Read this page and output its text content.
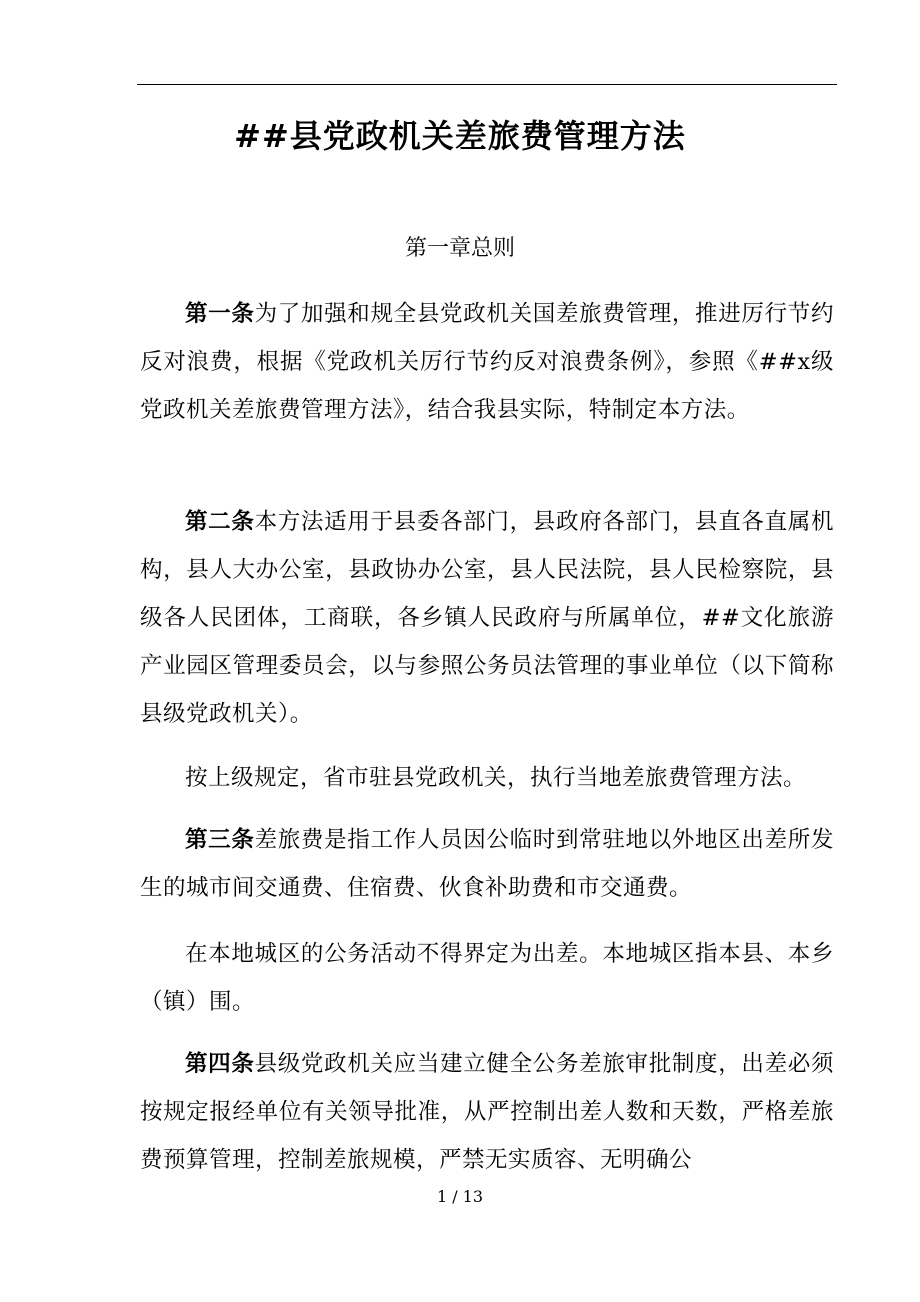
##县党政机关差旅费管理方法
第一章总则

第一条为了加强和规全县党政机关国差旅费管理，推进厉行节约反对浪费，根据《党政机关厉行节约反对浪费条例》，参照《##x级党政机关差旅费管理方法》，结合我县实际，特制定本方法。

第二条本方法适用于县委各部门，县政府各部门，县直各直属机构，县人大办公室，县政协办公室，县人民法院，县人民检察院，县级各人民团体，工商联，各乡镇人民政府与所属单位，##文化旅游产业园区管理委员会，以与参照公务员法管理的事业单位（以下简称县级党政机关）。

按上级规定，省市驻县党政机关，执行当地差旅费管理方法。

第三条差旅费是指工作人员因公临时到常驻地以外地区出差所发生的城市间交通费、住宿费、伙食补助费和市交通费。

在本地城区的公务活动不得界定为出差。本地城区指本县、本乡（镇）围。

第四条县级党政机关应当建立健全公务差旅审批制度，出差必须按规定报经单位有关领导批准，从严控制出差人数和天数，严格差旅费预算管理，控制差旅规模，严禁无实质容、无明确公

1 / 13
